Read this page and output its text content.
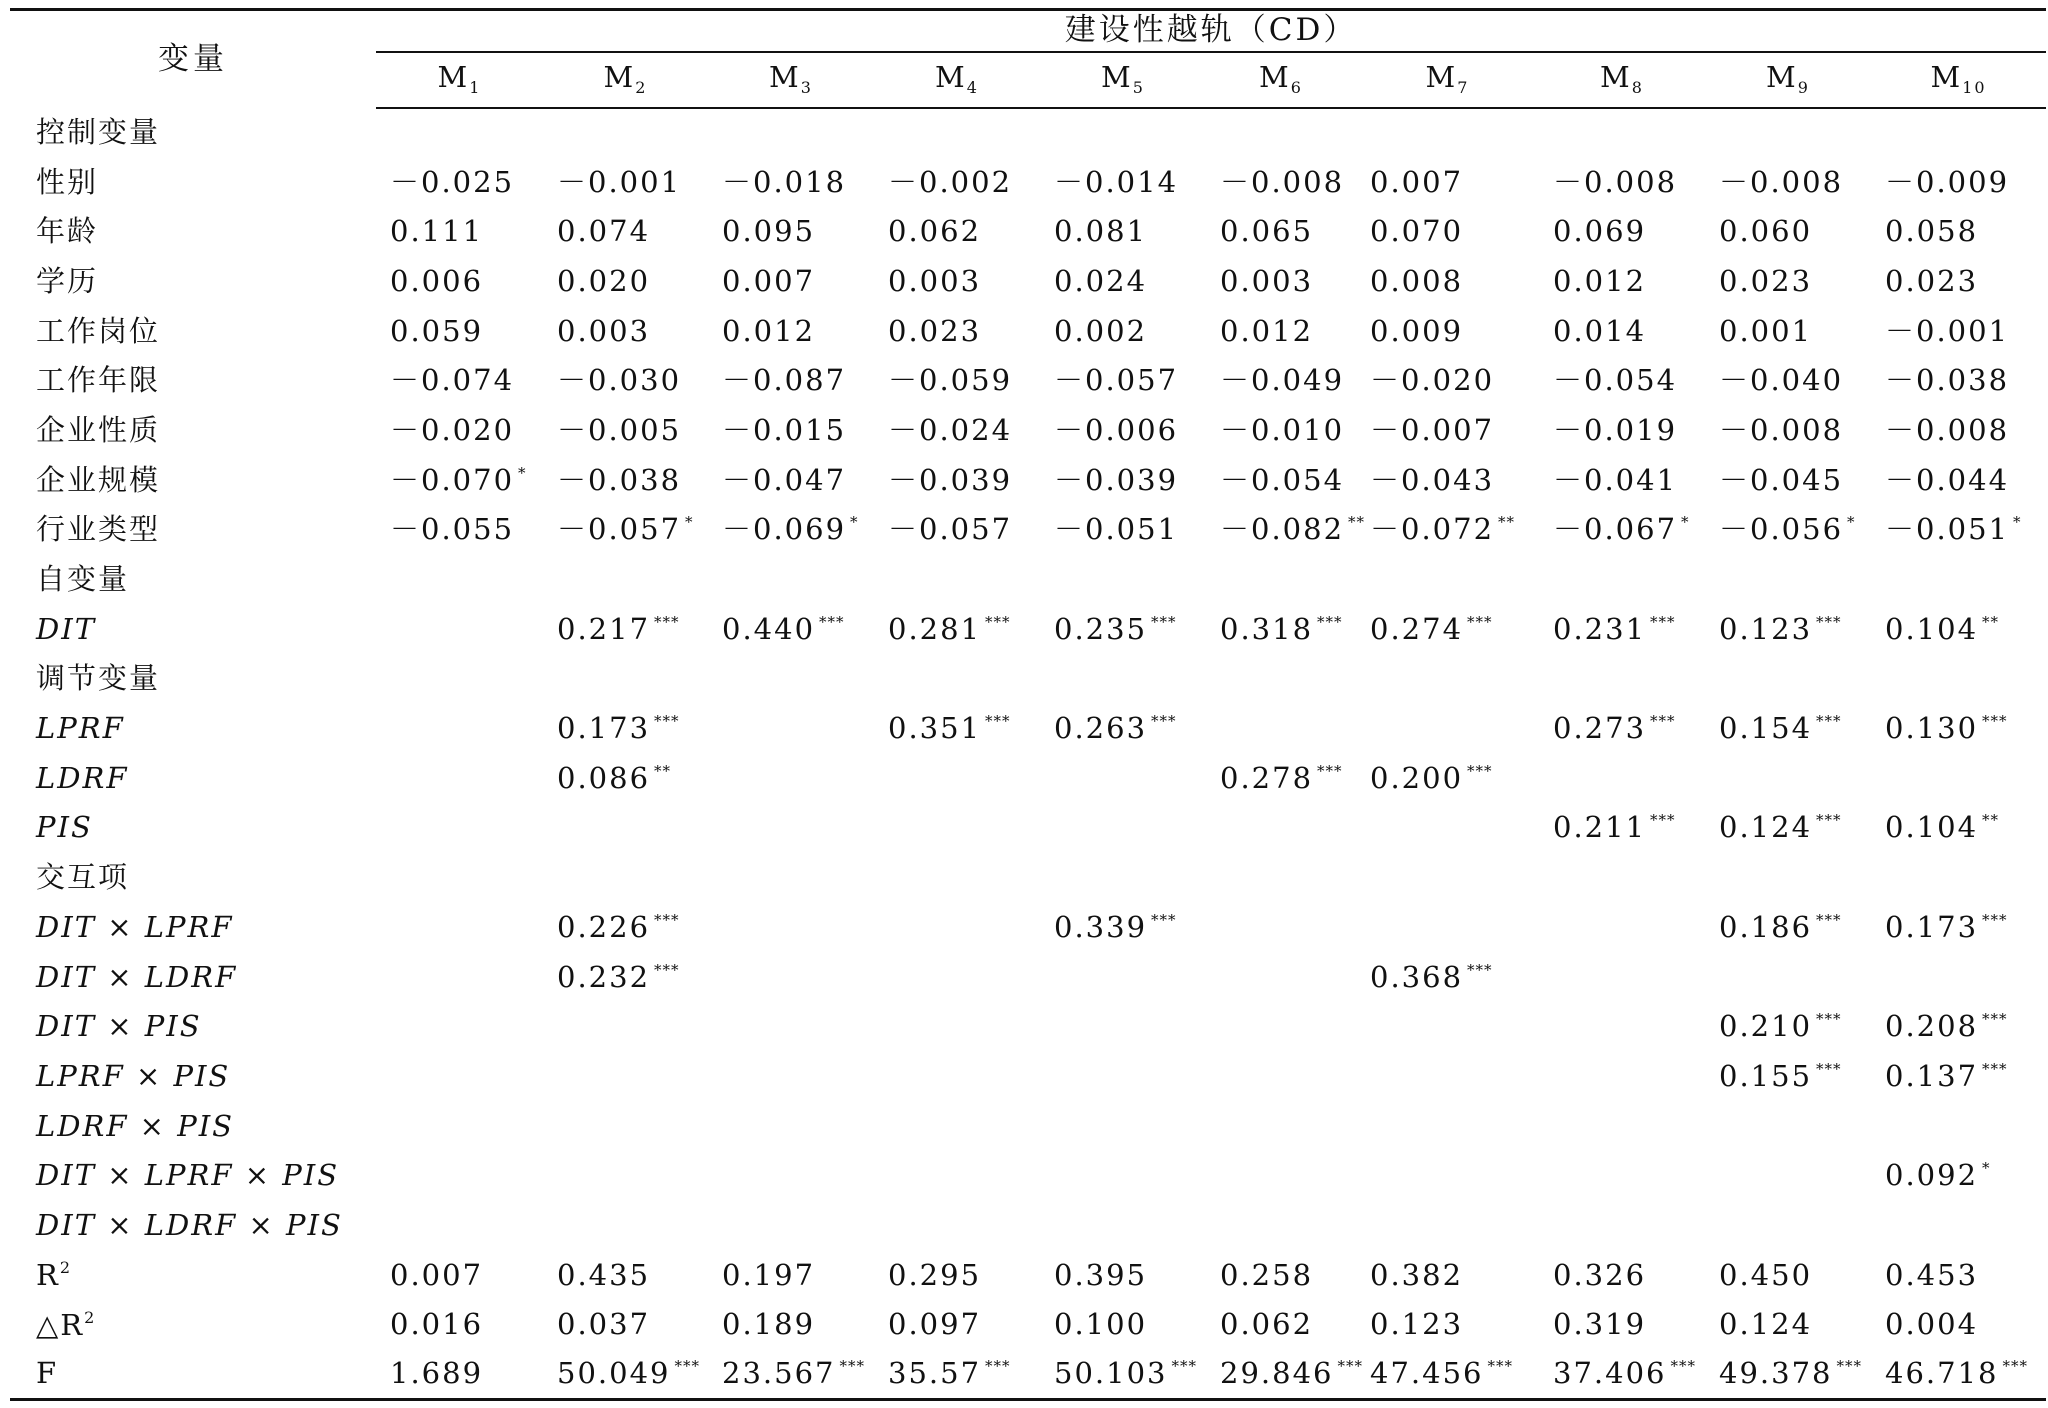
变量	建设性越轨（CD）									
	$M_1$	$M_2$	$M_3$	$M_4$	$M_5$	$M_6$	$M_7$	$M_8$	$M_9$	$M_{10}$
控制变量										
性别	－0.025	－0.001	－0.018	－0.002	－0.014	－0.008	0.007	－0.008	－0.008	－0.009
年龄	0.111	0.074	0.095	0.062	0.081	0.065	0.070	0.069	0.060	0.058
学历	0.006	0.020	0.007	0.003	0.024	0.003	0.008	0.012	0.023	0.023
工作岗位	0.059	0.003	0.012	0.023	0.002	0.012	0.009	0.014	0.001	－0.001
工作年限	－0.074	－0.030	－0.087	－0.059	－0.057	－0.049	－0.020	－0.054	－0.040	－0.038
企业性质	－0.020	－0.005	－0.015	－0.024	－0.006	－0.010	－0.007	－0.019	－0.008	－0.008
企业规模	－0.070 *	－0.038	－0.047	－0.039	－0.039	－0.054	－0.043	－0.041	－0.045	－0.044
行业类型	－0.055	－0.057 *	－0.069 *	－0.057	－0.051	－0.082 **	－0.072 **	－0.067 *	－0.056 *	－0.051 *
自变量										
DIT		0.217 ***	0.440 ***	0.281 ***	0.235 ***	0.318 ***	0.274 ***	0.231 ***	0.123 ***	0.104 **
调节变量										
LPRF		0.173 ***		0.351 ***	0.263 ***			0.273 ***	0.154 ***	0.130 ***
LDRF		0.086 **				0.278 ***	0.200 ***			
PIS								0.211 ***	0.124 ***	0.104 **
交互项										
DIT × LPRF		0.226 ***			0.339 ***				0.186 ***	0.173 ***
DIT × LDRF		0.232 ***					0.368 ***			
DIT × PIS									0.210 ***	0.208 ***
LPRF × PIS									0.155 ***	0.137 ***
LDRF × PIS										
DIT × LPRF × PIS										0.092 *
DIT × LDRF × PIS										
$R^2$	0.007	0.435	0.197	0.295	0.395	0.258	0.382	0.326	0.450	0.453
$\triangle R^2$	0.016	0.037	0.189	0.097	0.100	0.062	0.123	0.319	0.124	0.004
F	1.689	50.049 ***	23.567 ***	35.57 ***	50.103 ***	29.846 ***	47.456 ***	37.406 ***	49.378 ***	46.718 ***
